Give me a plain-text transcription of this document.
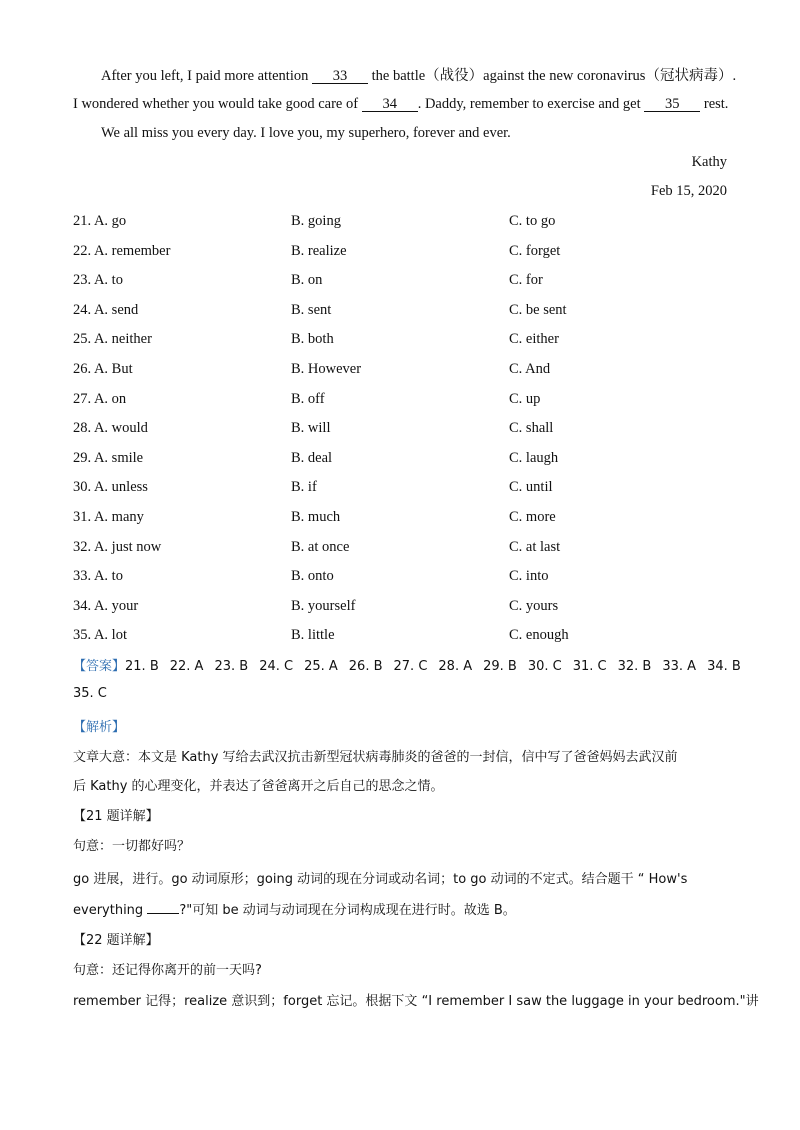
After you left, I paid more attention 33 the battle（战役）against the new coronavirus（冠状病毒）.
I wondered whether you would take good care of 34 . Daddy, remember to exercise and get 35 rest.
We all miss you every day. I love you, my superhero, forever and ever.
Kathy
Feb 15, 2020
21. A. go	B. going	C. to go
22. A. remember	B. realize	C. forget
23. A. to	B. on	C. for
24. A. send	B. sent	C. be sent
25. A. neither	B. both	C. either
26. A. But	B. However	C. And
27. A. on	B. off	C. up
28. A. would	B. will	C. shall
29. A. smile	B. deal	C. laugh
30. A. unless	B. if	C. until
31. A. many	B. much	C. more
32. A. just now	B. at once	C. at last
33. A. to	B. onto	C. into
34. A. your	B. yourself	C. yours
35. A. lot	B. little	C. enough
【答案】21. B 22. A 23. B 24. C 25. A 26. B 27. C 28. A 29. B 30. C 31. C 32. B 33. A 34. B
35. C
【解析】
文章大意：本文是 Kathy 写给去武汉抗击新型冠状病毒肺炎的爸爸的一封信，信中写了爸爸妈妈去武汉前
后 Kathy 的心理变化，并表达了爸爸离开之后自己的思念之情。
【21 题详解】
句意：一切都好吗？
go 进展，进行。go 动词原形；going 动词的现在分词或动名词；to go 动词的不定式。结合题干 “ How's
everything	?"可知 be 动词与动词现在分词构成现在进行时。故选 B。
【22 题详解】
句意：还记得你离开的前一天吗?
remember 记得；realize 意识到；forget 忘记。根据下文 “I remember I saw the luggage in your bedroom."讲
